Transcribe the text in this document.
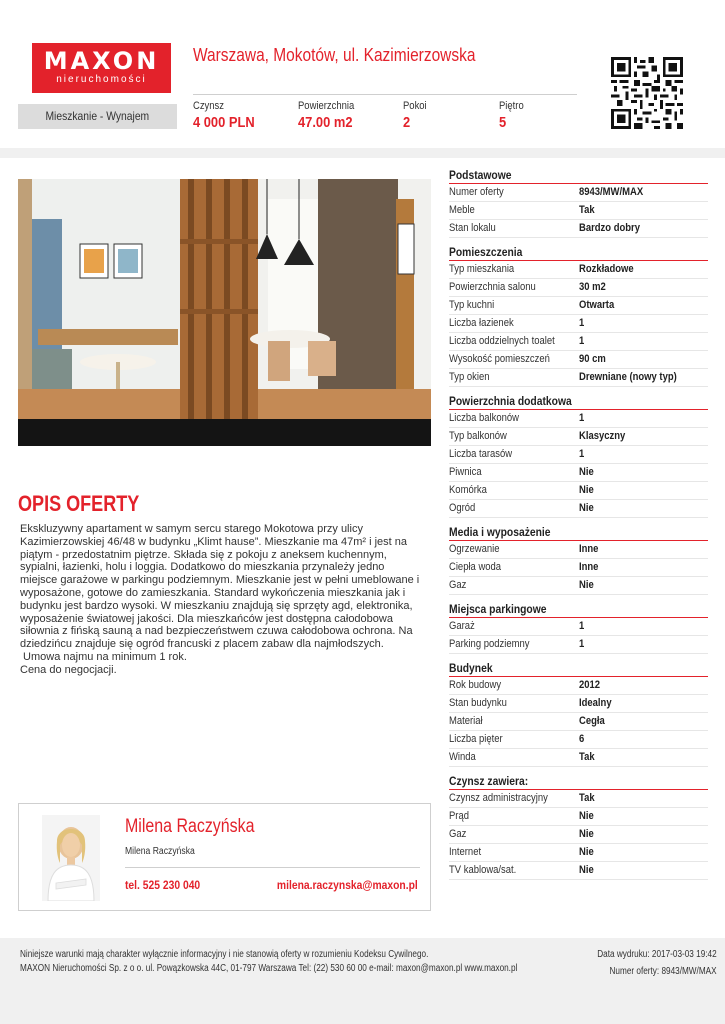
MAXON
nieruchomości
Warszawa, Mokotów, ul. Kazimierzowska
Mieszkanie - Wynajem
Czynsz
4 000 PLN
Powierzchnia
47.00 m2
Pokoi
2
Piętro
5
OPIS OFERTY

Ekskluzywny apartament w samym sercu starego Mokotowa przy ulicy Kazimierzowskiej 46/48 w budynku „Klimt hause”. Mieszkanie ma 47m² i jest na piątym - przedostatnim piętrze. Składa się z pokoju z aneksem kuchennym, sypialni, łazienki, holu i loggia. Dodatkowo do mieszkania przynależy jedno miejsce garażowe w parkingu podziemnym. Mieszkanie jest w pełni umeblowane i wyposażone, gotowe do zamieszkania. Standard wykończenia mieszkania jak i budynku jest bardzo wysoki. W mieszkaniu znajdują się sprzęty agd, elektronika, wyposażenie światowej jakości. Dla mieszkańców jest dostępna całodobowa siłownia z fińską sauną a nad bezpieczeństwem czuwa całodobowa ochrona. Na dziedzińcu znajduje się ogród francuski z placem zabaw dla najmłodszych.

Umowa najmu na minimum 1 rok.

Cena do negocjacji.

Milena Raczyńska
Milena Raczyńska
tel. 525 230 040	milena.raczynska@maxon.pl
Podstawowe
Numer oferty	8943/MW/MAX
Meble	Tak
Stan lokalu	Bardzo dobry
Pomieszczenia
Typ mieszkania	Rozkładowe
Powierzchnia salonu	30 m2
Typ kuchni	Otwarta
Liczba łazienek	1
Liczba oddzielnych toalet 1
Wysokość pomieszczeń	90 cm
Typ okien	Drewniane (nowy typ)
Powierzchnia dodatkowa
Liczba balkonów	1
Typ balkonów	Klasyczny
Liczba tarasów	1
Piwnica	Nie
Komórka	Nie
Ogród	Nie
Media i wyposażenie
Ogrzewanie	Inne
Ciepła woda	Inne
Gaz	Nie
Miejsca parkingowe
Garaż	1
Parking podziemny	1
Budynek
Rok budowy	2012
Stan budynku	Idealny
Materiał	Cegła
Liczba pięter	6
Winda	Tak
Czynsz zawiera:
Czynsz administracyjny	Tak
Prąd	Nie
Gaz	Nie
Internet	Nie
TV kablowa/sat.	Nie
Niniejsze warunki mają charakter wyłącznie informacyjny i nie stanowią oferty w rozumieniu Kodeksu Cywilnego.
MAXON Nieruchomości Sp. z o o. ul. Powązkowska 44C, 01-797 Warszawa Tel: (22) 530 60 00 e-mail: maxon@maxon.pl www.maxon.pl
Data wydruku: 2017-03-03 19:42
Numer oferty: 8943/MW/MAX
